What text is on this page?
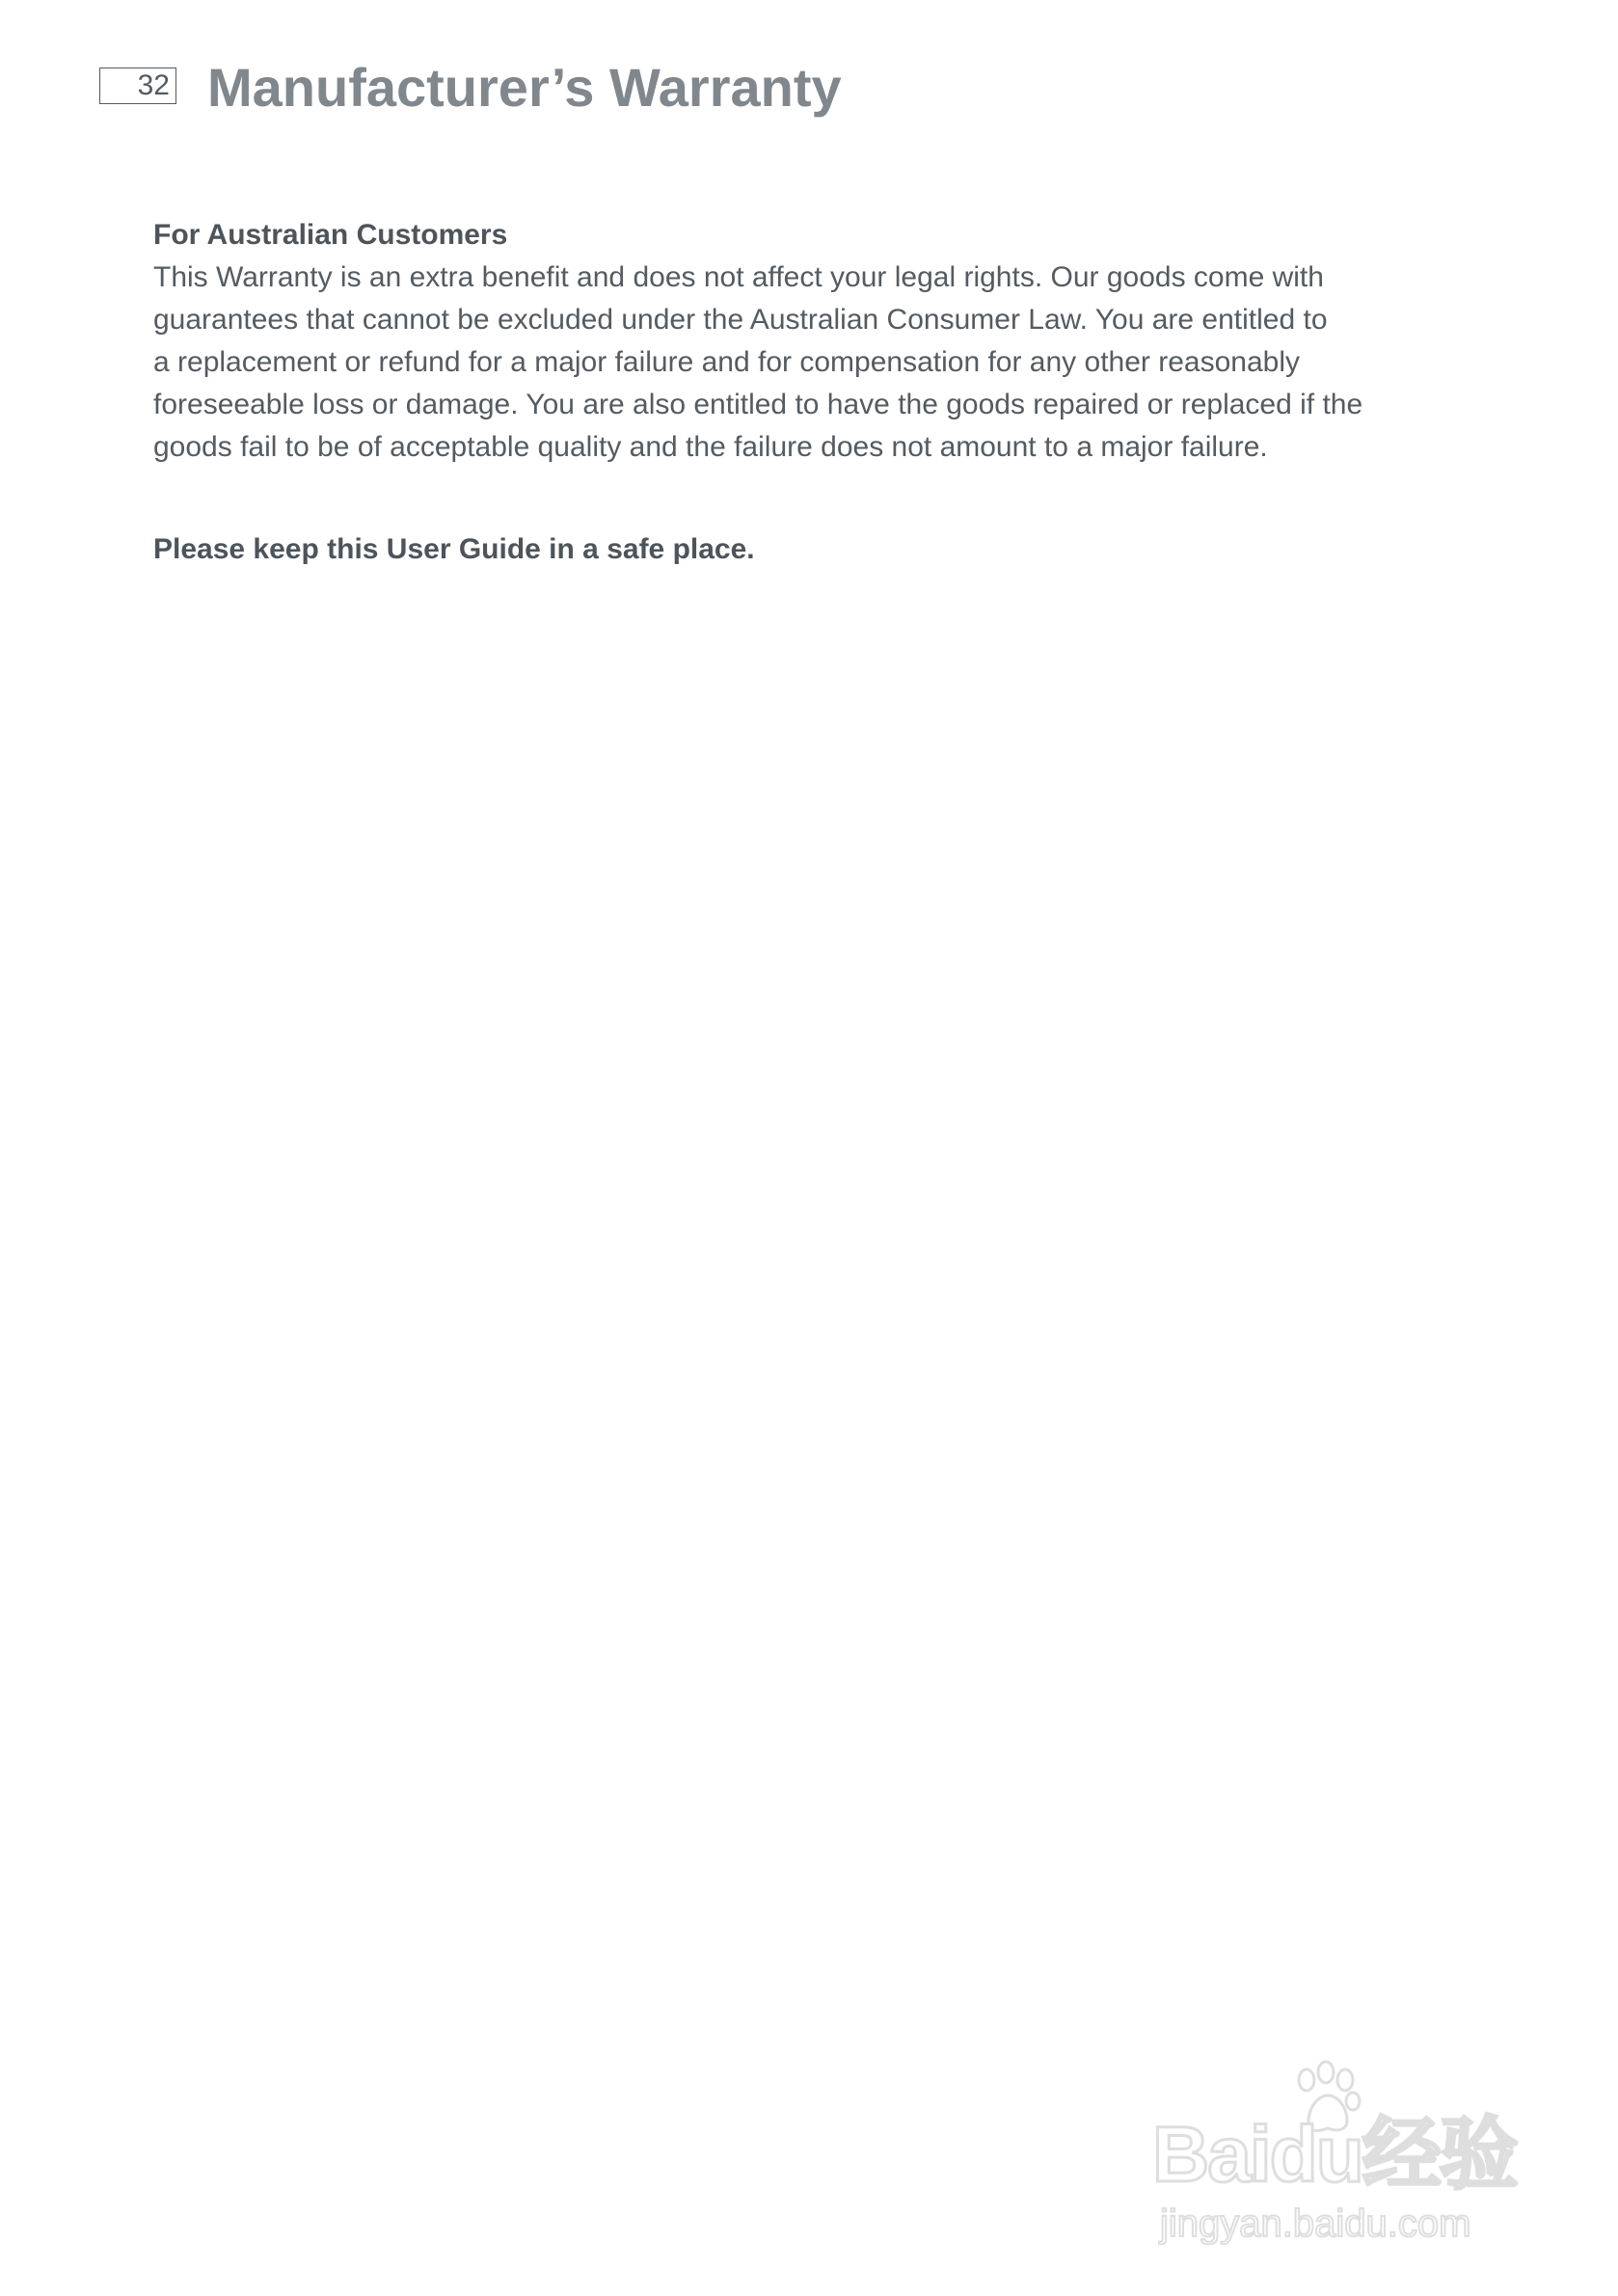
32 Manufacturer’s Warranty

For Australian Customers

This Warranty is an extra benefit and does not affect your legal rights. Our goods come with
guarantees that cannot be excluded under the Australian Consumer Law. You are entitled to
a replacement or refund for a major failure and for compensation for any other reasonably
foreseeable loss or damage. You are also entitled to have the goods repaired or replaced if the
goods fail to be of acceptable quality and the failure does not amount to a major failure.
Please keep this User Guide in a safe place.
Baidu经验
jingyan.baidu.com
